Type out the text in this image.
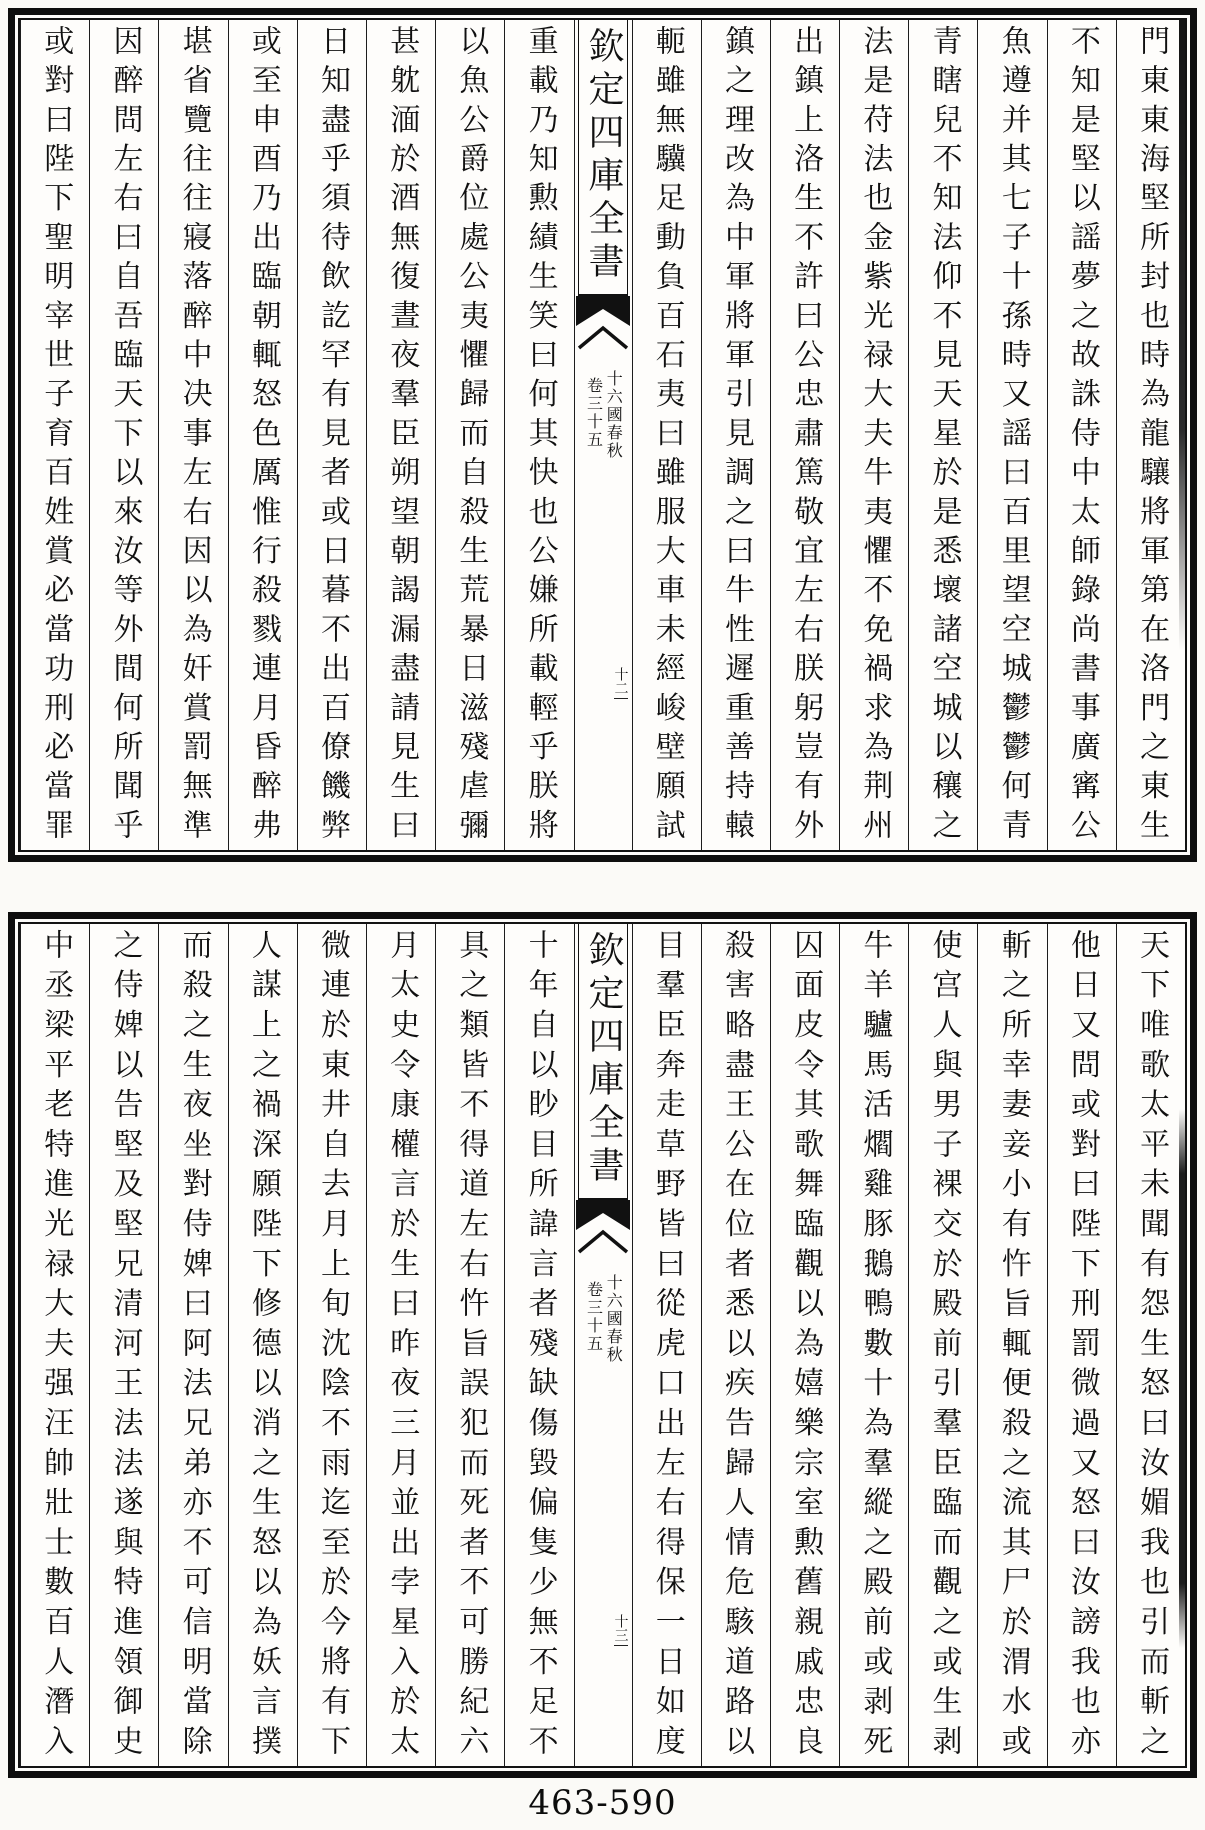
門東東海堅所封也時為龍驤將軍第在洛門之東生
不知是堅以謡夢之故誅侍中太師錄尚書事廣寗公
魚遵并其七子十孫時又謡曰百里望空城鬱鬱何青
青瞎兒不知法仰不見天星於是悉壞諸空城以穰之
法是苻法也金紫光禄大夫牛夷懼不免禍求為荆州
出鎮上洛生不許曰公忠肅篤敬宜左右朕躬豈有外
鎮之理改為中軍將軍引見調之曰牛性遲重善持轅
軛雖無驥足動負百石夷曰雖服大車未經峻壁願試
欽定四庫全書
十六國春秋
卷三十五
十二
重載乃知勲績生笑曰何其快也公嫌所載輕乎朕將
以魚公爵位處公夷懼歸而自殺生荒暴日滋殘虐彌
甚躭湎於酒無復晝夜羣臣朔望朝謁漏盡請見生曰
日知盡乎須待飲訖罕有見者或日暮不出百僚饑弊
或至申酉乃出臨朝輒怒色厲惟行殺戮連月昏醉弗
堪省覽往往寢落醉中决事左右因以為奸賞罰無準
因醉問左右曰自吾臨天下以來汝等外間何所聞乎
或對曰陛下聖明宰世子育百姓賞必當功刑必當罪
天下唯歌太平未聞有怨生怒曰汝媚我也引而斬之
他日又問或對曰陛下刑罰微過又怒曰汝謗我也亦
斬之所幸妻妾小有忤旨輒便殺之流其尸於渭水或
使宫人與男子裸交於殿前引羣臣臨而觀之或生剥
牛羊驢馬活爓雞豚鵝鴨數十為羣縱之殿前或剥死
囚面皮令其歌舞臨觀以為嬉樂宗室勲舊親戚忠良
殺害略盡王公在位者悉以疾告歸人情危駭道路以
目羣臣奔走草野皆曰從虎口出左右得保一日如度
欽定四庫全書
十六國春秋
卷三十五
十三
十年自以眇目所諱言者殘缺傷毀偏隻少無不足不
具之類皆不得道左右忤旨誤犯而死者不可勝紀六
月太史令康權言於生曰昨夜三月並出孛星入於太
微連於東井自去月上旬沈陰不雨迄至於今將有下
人謀上之禍深願陛下修德以消之生怒以為妖言撲
而殺之生夜坐對侍婢曰阿法兄弟亦不可信明當除
之侍婢以告堅及堅兄清河王法法遂與特進領御史
中丞梁平老特進光禄大夫强汪帥壯士數百人潛入
463-590
